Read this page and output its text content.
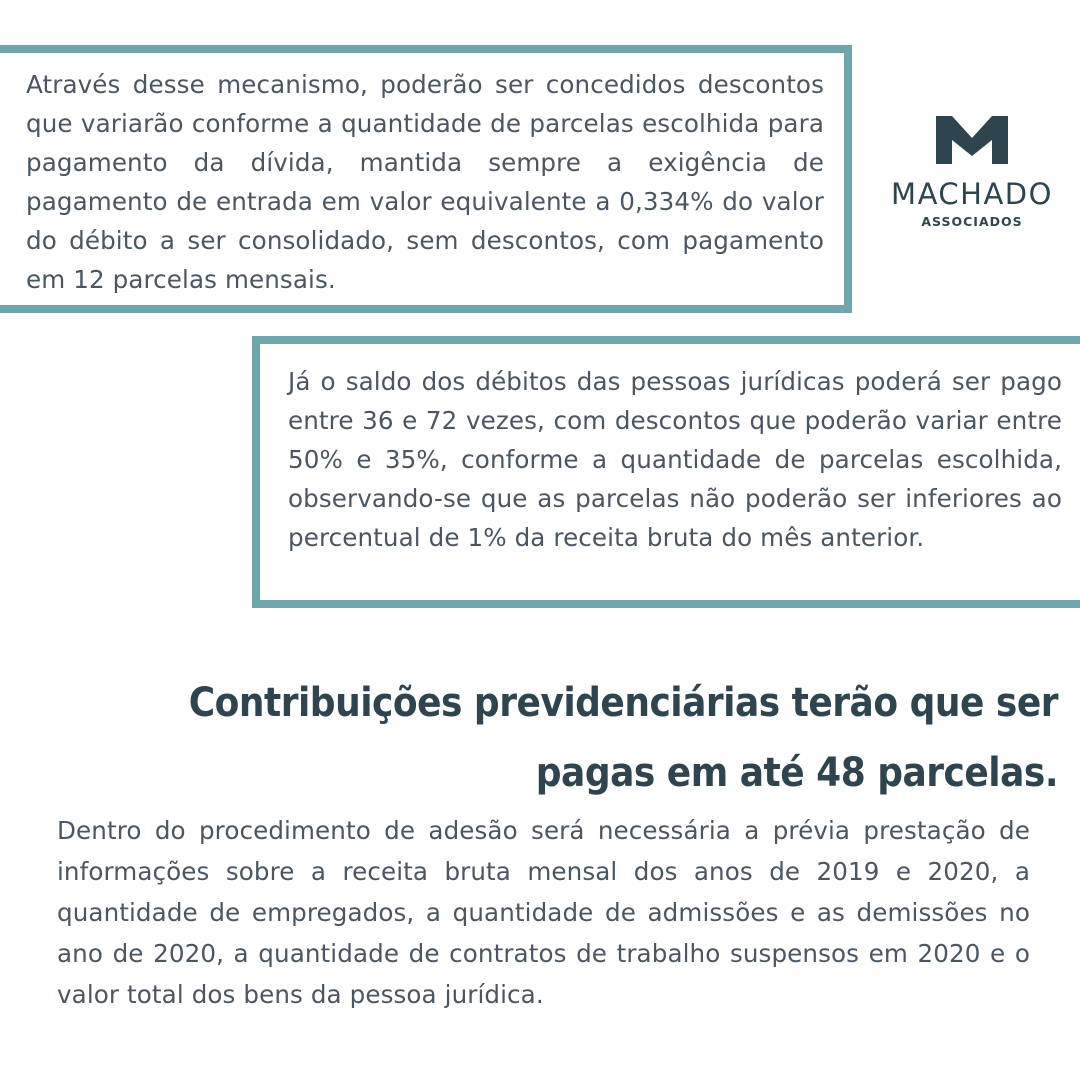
Através desse mecanismo, poderão ser concedidos descontos que variarão conforme a quantidade de parcelas escolhida para pagamento da dívida, mantida sempre a exigência de pagamento de entrada em valor equivalente a 0,334% do valor do débito a ser consolidado, sem descontos, com pagamento em 12 parcelas mensais.

MACHADO
ASSOCIADOS

Já o saldo dos débitos das pessoas jurídicas poderá ser pago entre 36 e 72 vezes, com descontos que poderão variar entre 50% e 35%, conforme a quantidade de parcelas escolhida, observando-se que as parcelas não poderão ser inferiores ao percentual de 1% da receita bruta do mês anterior.

Contribuições previdenciárias terão que ser
pagas em até 48 parcelas.

Dentro do procedimento de adesão será necessária a prévia prestação de informações sobre a receita bruta mensal dos anos de 2019 e 2020, a quantidade de empregados, a quantidade de admissões e as demissões no ano de 2020, a quantidade de contratos de trabalho suspensos em 2020 e o valor total dos bens da pessoa jurídica.
